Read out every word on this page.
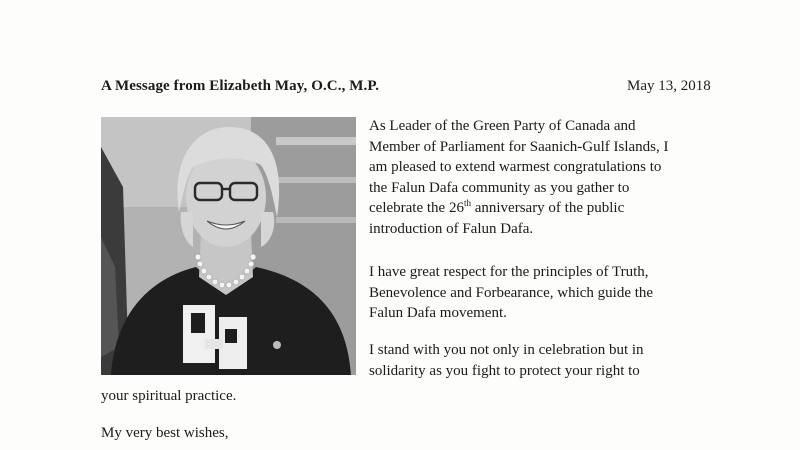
A Message from Elizabeth May, O.C., M.P.	May 13, 2018
As Leader of the Green Party of Canada and
Member of Parliament for Saanich-Gulf Islands, I
am pleased to extend warmest congratulations to
the Falun Dafa community as you gather to
celebrate the 26th anniversary of the public
introduction of Falun Dafa.
I have great respect for the principles of Truth,
Benevolence and Forbearance, which guide the
Falun Dafa movement.
I stand with you not only in celebration but in
solidarity as you fight to protect your right to
your spiritual practice.
My very best wishes,
